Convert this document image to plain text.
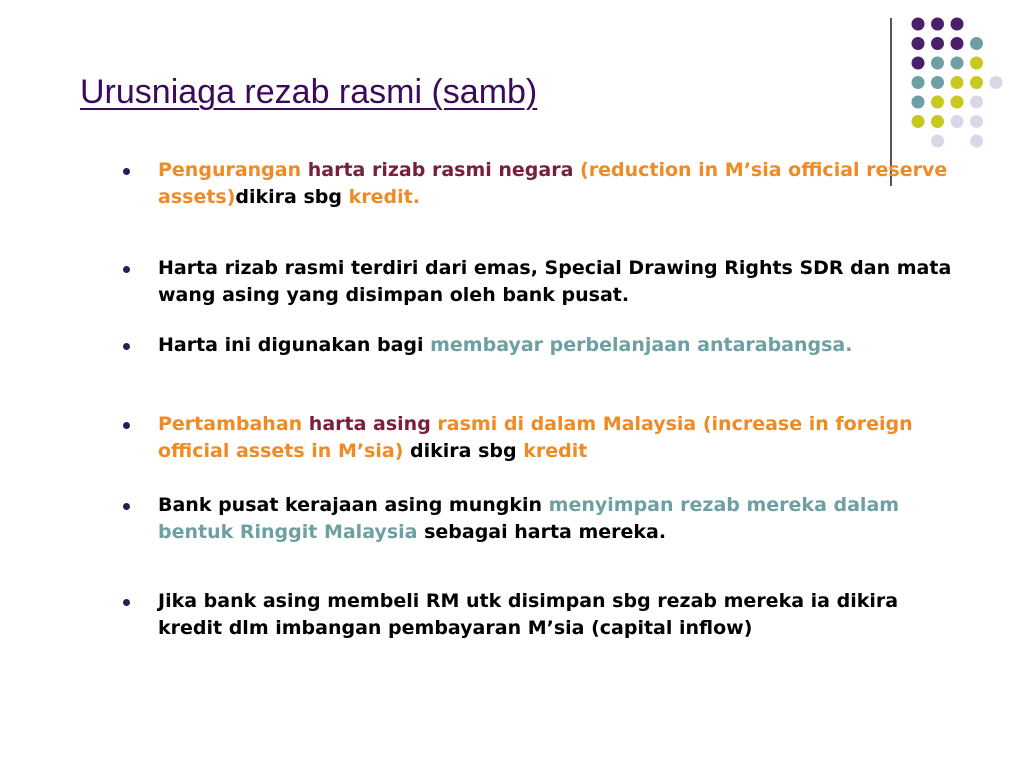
Urusniaga rezab rasmi (samb)
Pengurangan harta rizab rasmi negara (reduction in M’sia official reserve assets)dikira sbg kredit.
Harta rizab rasmi terdiri dari emas, Special Drawing Rights SDR dan mata wang asing yang disimpan oleh bank pusat.
Harta ini digunakan bagi membayar perbelanjaan antarabangsa.
Pertambahan harta asing rasmi di dalam Malaysia (increase in foreign official assets in M’sia) dikira sbg kredit
Bank pusat kerajaan asing mungkin menyimpan rezab mereka dalam bentuk Ringgit Malaysia sebagai harta mereka.
Jika bank asing membeli RM utk disimpan sbg rezab mereka ia dikira kredit dlm imbangan pembayaran M’sia (capital inflow)
